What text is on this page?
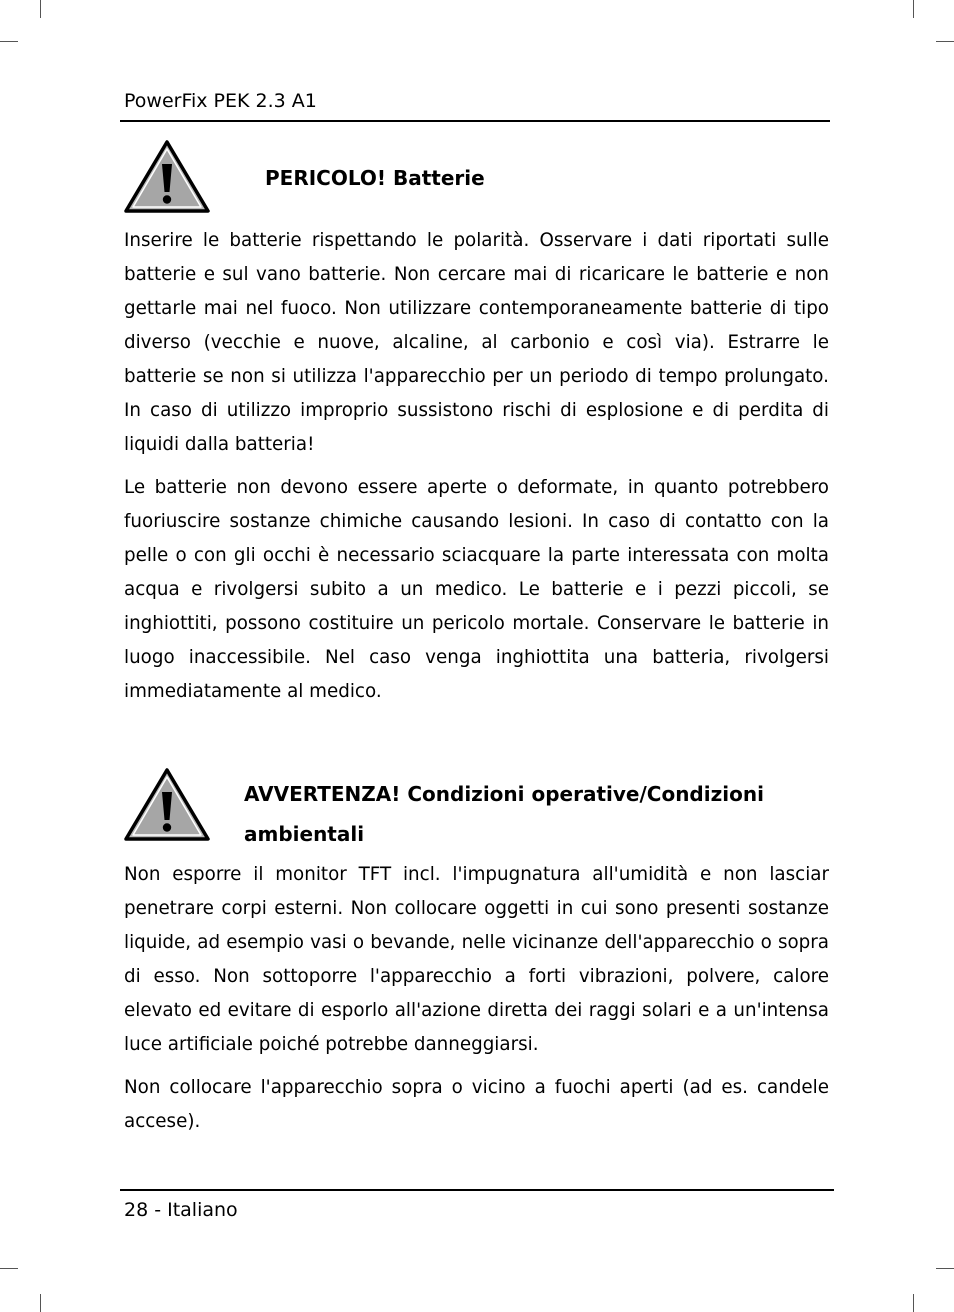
PowerFix PEK 2.3 A1

PERICOLO! Batterie

Inserire le batterie rispettando le polarità. Osservare i dati riportati sulle batterie e sul vano batterie. Non cercare mai di ricaricare le batterie e non gettarle mai nel fuoco. Non utilizzare contemporaneamente batterie di tipo diverso (vecchie e nuove, alcaline, al carbonio e così via). Estrarre le batterie se non si utilizza l'apparecchio per un periodo di tempo prolungato. In caso di utilizzo improprio sussistono rischi di esplosione e di perdita di liquidi dalla batteria!

Le batterie non devono essere aperte o deformate, in quanto potrebbero fuoriuscire sostanze chimiche causando lesioni. In caso di contatto con la pelle o con gli occhi è necessario sciacquare la parte interessata con molta acqua e rivolgersi subito a un medico. Le batterie e i pezzi piccoli, se inghiottiti, possono costituire un pericolo mortale. Conservare le batterie in luogo inaccessibile. Nel caso venga inghiottita una batteria, rivolgersi immediatamente al medico.

AVVERTENZA! Condizioni operative/Condizioni
ambientali

Non esporre il monitor TFT incl. l'impugnatura all'umidità e non lasciar penetrare corpi esterni. Non collocare oggetti in cui sono presenti sostanze liquide, ad esempio vasi o bevande, nelle vicinanze dell'apparecchio o sopra di esso. Non sottoporre l'apparecchio a forti vibrazioni, polvere, calore elevato ed evitare di esporlo all'azione diretta dei raggi solari e a un'intensa luce artificiale poiché potrebbe danneggiarsi.

Non collocare l'apparecchio sopra o vicino a fuochi aperti (ad es. candele accese).

28 - Italiano
